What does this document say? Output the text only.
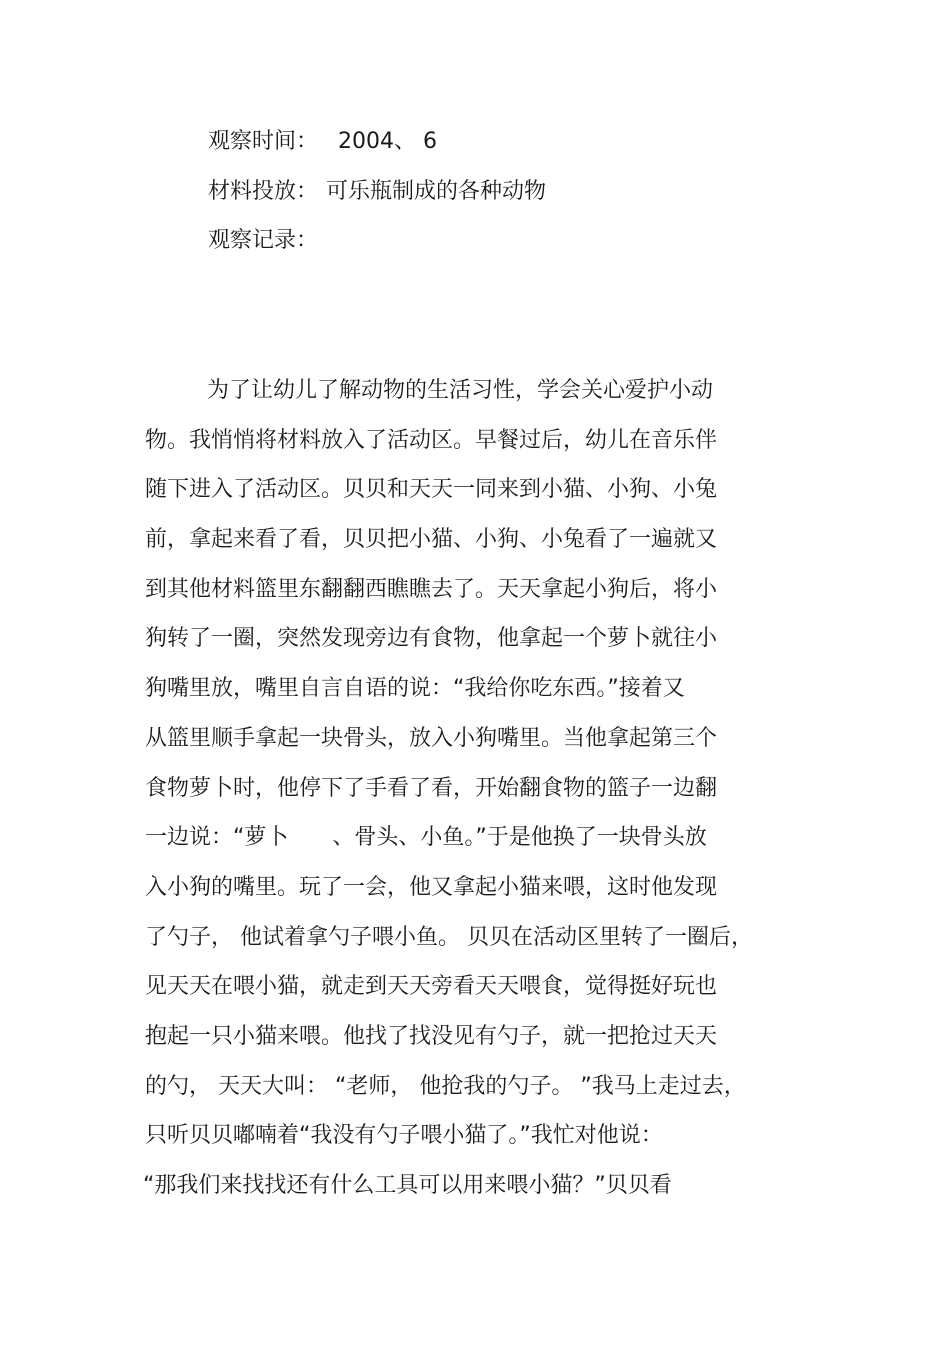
观察时间： 2004、 6
材料投放： 可乐瓶制成的各种动物
观察记录：
为了让幼儿了解动物的生活习性，学会关心爱护小动
物。我悄悄将材料放入了活动区。早餐过后，幼儿在音乐伴
随下进入了活动区。贝贝和天天一同来到小猫、小狗、小兔
前，拿起来看了看，贝贝把小猫、小狗、小兔看了一遍就又
到其他材料篮里东翻翻西瞧瞧去了。天天拿起小狗后，将小
狗转了一圈，突然发现旁边有食物，他拿起一个萝卜就往小
狗嘴里放，嘴里自言自语的说：“我给你吃东西。”接着又
从篮里顺手拿起一块骨头，放入小狗嘴里。当他拿起第三个
食物萝卜时，他停下了手看了看，开始翻食物的篮子一边翻
一边说：“萝卜　　、骨头、小鱼。”于是他换了一块骨头放
入小狗的嘴里。玩了一会，他又拿起小猫来喂，这时他发现
了勺子， 他试着拿勺子喂小鱼。 贝贝在活动区里转了一圈后，
见天天在喂小猫，就走到天天旁看天天喂食，觉得挺好玩也
抱起一只小猫来喂。他找了找没见有勺子，就一把抢过天天
的勺， 天天大叫： “老师， 他抢我的勺子。 ”我马上走过去，
只听贝贝嘟喃着“我没有勺子喂小猫了。”我忙对他说：
“那我们来找找还有什么工具可以用来喂小猫？”贝贝看
